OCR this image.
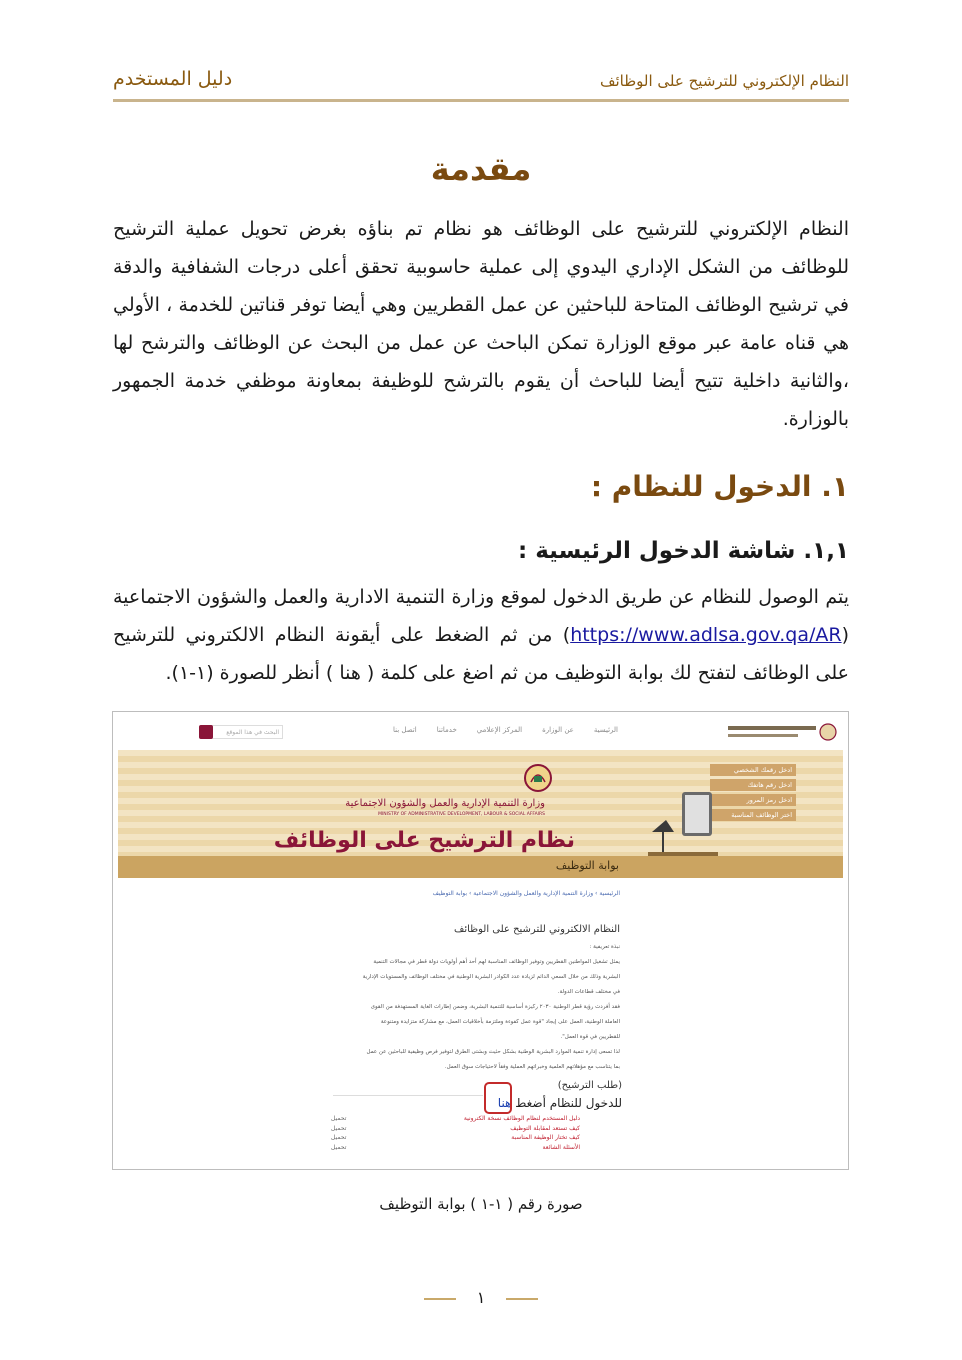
دليل المستخدم	النظام الإلكتروني للترشيح على الوظائف
مقدمة
النظام الإلكتروني للترشيح على الوظائف هو نظام تم بناؤه بغرض تحويل عملية الترشيح للوظائف من الشكل الإداري اليدوي إلى عملية حاسوبية تحقق أعلى درجات الشفافية والدقة في ترشيح الوظائف المتاحة للباحثين عن عمل القطريين وهي أيضا توفر قناتين للخدمة ، الأولي هي قناه عامة عبر موقع الوزارة تمكن الباحث عن عمل من البحث عن الوظائف والترشح لها ،والثانية داخلية تتيح أيضا للباحث أن يقوم بالترشح للوظيفة بمعاونة موظفي خدمة الجمهور بالوزارة.
١. الدخول للنظام :
١,١. شاشة الدخول الرئيسية :
يتم الوصول للنظام عن طريق الدخول لموقع وزارة التنمية الادارية والعمل والشؤون الاجتماعية (https://www.adlsa.gov.qa/AR) من ثم الضغط على أيقونة النظام الالكتروني للترشيح على الوظائف لتفتح لك بوابة التوظيف من ثم اضغ على كلمة ( هنا ) أنظر للصورة (١-١).
الرئيسية
عن الوزارة
المركز الإعلامي
خدماتنا
اتصل بنا
البحث في هذا الموقع
وزارة التنمية الإدارية والعمل والشؤون الاجتماعية
MINISTRY OF ADMINISTRATIVE DEVELOPMENT, LABOUR & SOCIAL AFFAIRS
نظام الترشيح على الوظائف
ادخل رقمك الشخصي
ادخل رقم هاتفك
ادخل رمز المرور
اختر الوظائف المناسبة
بوابة التوظيف
الرئيسية › وزارة التنمية الإدارية والعمل والشؤون الاجتماعية › بوابة التوظيف
النظام الالكتروني للترشيح على الوظائف
نبذة تعريفية :
يمثل تشغيل المواطنين القطريين وتوفير الوظائف المناسبة لهم أحد أهم أولويات دولة قطر في مجالات التنمية
البشرية وذلك من خلال السعي الدائم لزيادة عدد الكوادر البشرية الوطنية في مختلف الوظائف والمستويات الإدارية
في مختلف قطاعات الدولة.
فقد أفردت رؤية قطر الوطنية ٢٠٣٠ ركيزة أساسية للتنمية البشرية، وضمن إطارات الغاية المستهدفة من القوى
العاملة الوطنية، العمل على إيجاد "قوة عمل كفوءة وملتزمة بأخلاقيات العمل، مع مشاركة متزايدة ومتنوعة
للقطريين في قوة العمل".
لذا تسعى إدارة تنمية الموارد البشرية الوطنية بشكل حثيث وبشتى الطرق لتوفير فرص وظيفية للباحثين عن عمل
بما يتناسب مع مؤهلاتهم العلمية وخبراتهم العملية وفقاً لاحتياجات سوق العمل.
(طلب الترشيح)
للدخول للنظام أضغط هنا
دليل المستخدم لنظام الوظائف نسخة الكترونية
كيف تستعد لمقابلة التوظيف
كيف تختار الوظيفة المناسبة
الأسئلة الشائعة
تحميل
تحميل
تحميل
تحميل
صورة رقم ( ١-١ ) بوابة التوظيف
١
